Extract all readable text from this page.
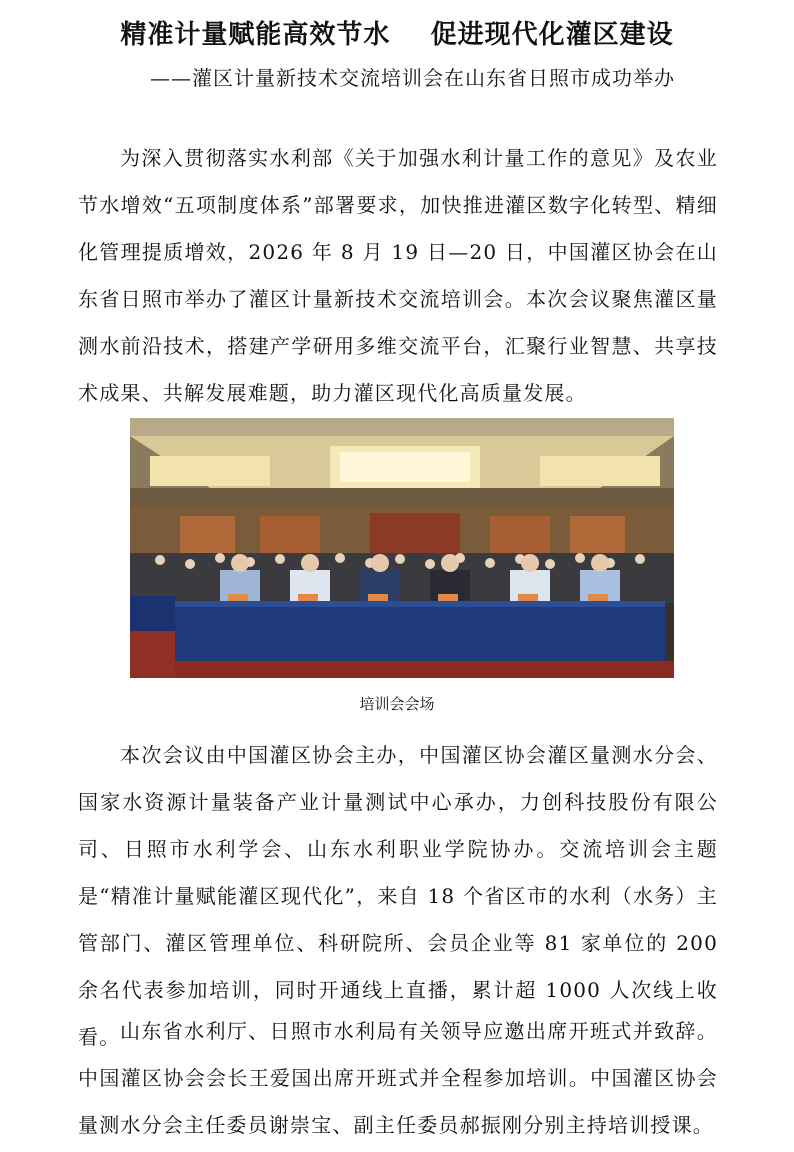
精准计量赋能高效节水    促进现代化灌区建设
——灌区计量新技术交流培训会在山东省日照市成功举办
为深入贯彻落实水利部《关于加强水利计量工作的意见》及农业节水增效“五项制度体系”部署要求，加快推进灌区数字化转型、精细化管理提质增效，2026 年 8 月 19 日—20 日，中国灌区协会在山东省日照市举办了灌区计量新技术交流培训会。本次会议聚焦灌区量测水前沿技术，搭建产学研用多维交流平台，汇聚行业智慧、共享技术成果、共解发展难题，助力灌区现代化高质量发展。
培训会会场
本次会议由中国灌区协会主办，中国灌区协会灌区量测水分会、国家水资源计量装备产业计量测试中心承办，力创科技股份有限公司、日照市水利学会、山东水利职业学院协办。交流培训会主题是“精准计量赋能灌区现代化”，来自 18 个省区市的水利（水务）主管部门、灌区管理单位、科研院所、会员企业等 81 家单位的 200 余名代表参加培训，同时开通线上直播，累计超 1000 人次线上收看。 山东省水利厅、日照市水利局有关领导应邀出席开班式并致辞。中国灌区协会会长王爱国出席开班式并全程参加培训。中国灌区协会量测水分会主任委员谢崇宝、副主任委员郝振刚分别主持培训授课。
